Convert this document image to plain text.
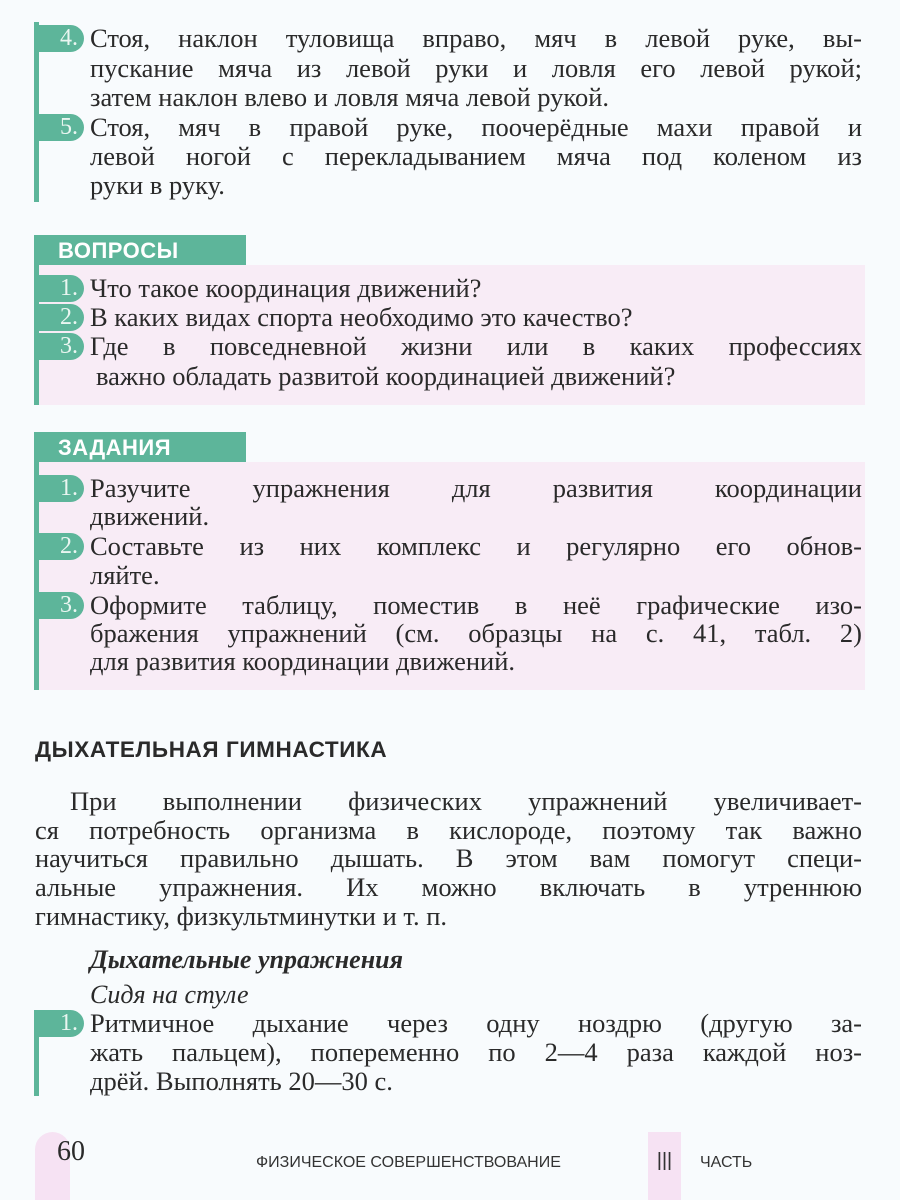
4. Стоя, наклон туловища вправо, мяч в левой руке, вы-
пускание мяча из левой руки и ловля его левой рукой;
затем наклон влево и ловля мяча левой рукой.
5. Стоя, мяч в правой руке, поочерёдные махи правой и
левой ногой с перекладыванием мяча под коленом из
руки в руку.
ВОПРОСЫ
1. Что такое координация движений?
2. В каких видах спорта необходимо это качество?
3. Где в повседневной жизни или в каких профессиях
важно обладать развитой координацией движений?
ЗАДАНИЯ
1. Разучите упражнения для развития координации
движений.
2. Составьте из них комплекс и регулярно его обнов-
ляйте.
3. Оформите таблицу, поместив в неё графические изо-
бражения упражнений (см. образцы на с. 41, табл. 2)
для развития координации движений.
ДЫХАТЕЛЬНАЯ ГИМНАСТИКА
При выполнении физических упражнений увеличивает-
ся потребность организма в кислороде, поэтому так важно
научиться правильно дышать. В этом вам помогут специ-
альные упражнения. Их можно включать в утреннюю
гимнастику, физкультминутки и т. п.
Дыхательные упражнения
Сидя на стуле
1. Ритмичное дыхание через одну ноздрю (другую за-
жать пальцем), попеременно по 2—4 раза каждой ноз-
дрёй. Выполнять 20—30 с.
60	ФИЗИЧЕСКОЕ СОВЕРШЕНСТВОВАНИЕ	III ЧАСТЬ
